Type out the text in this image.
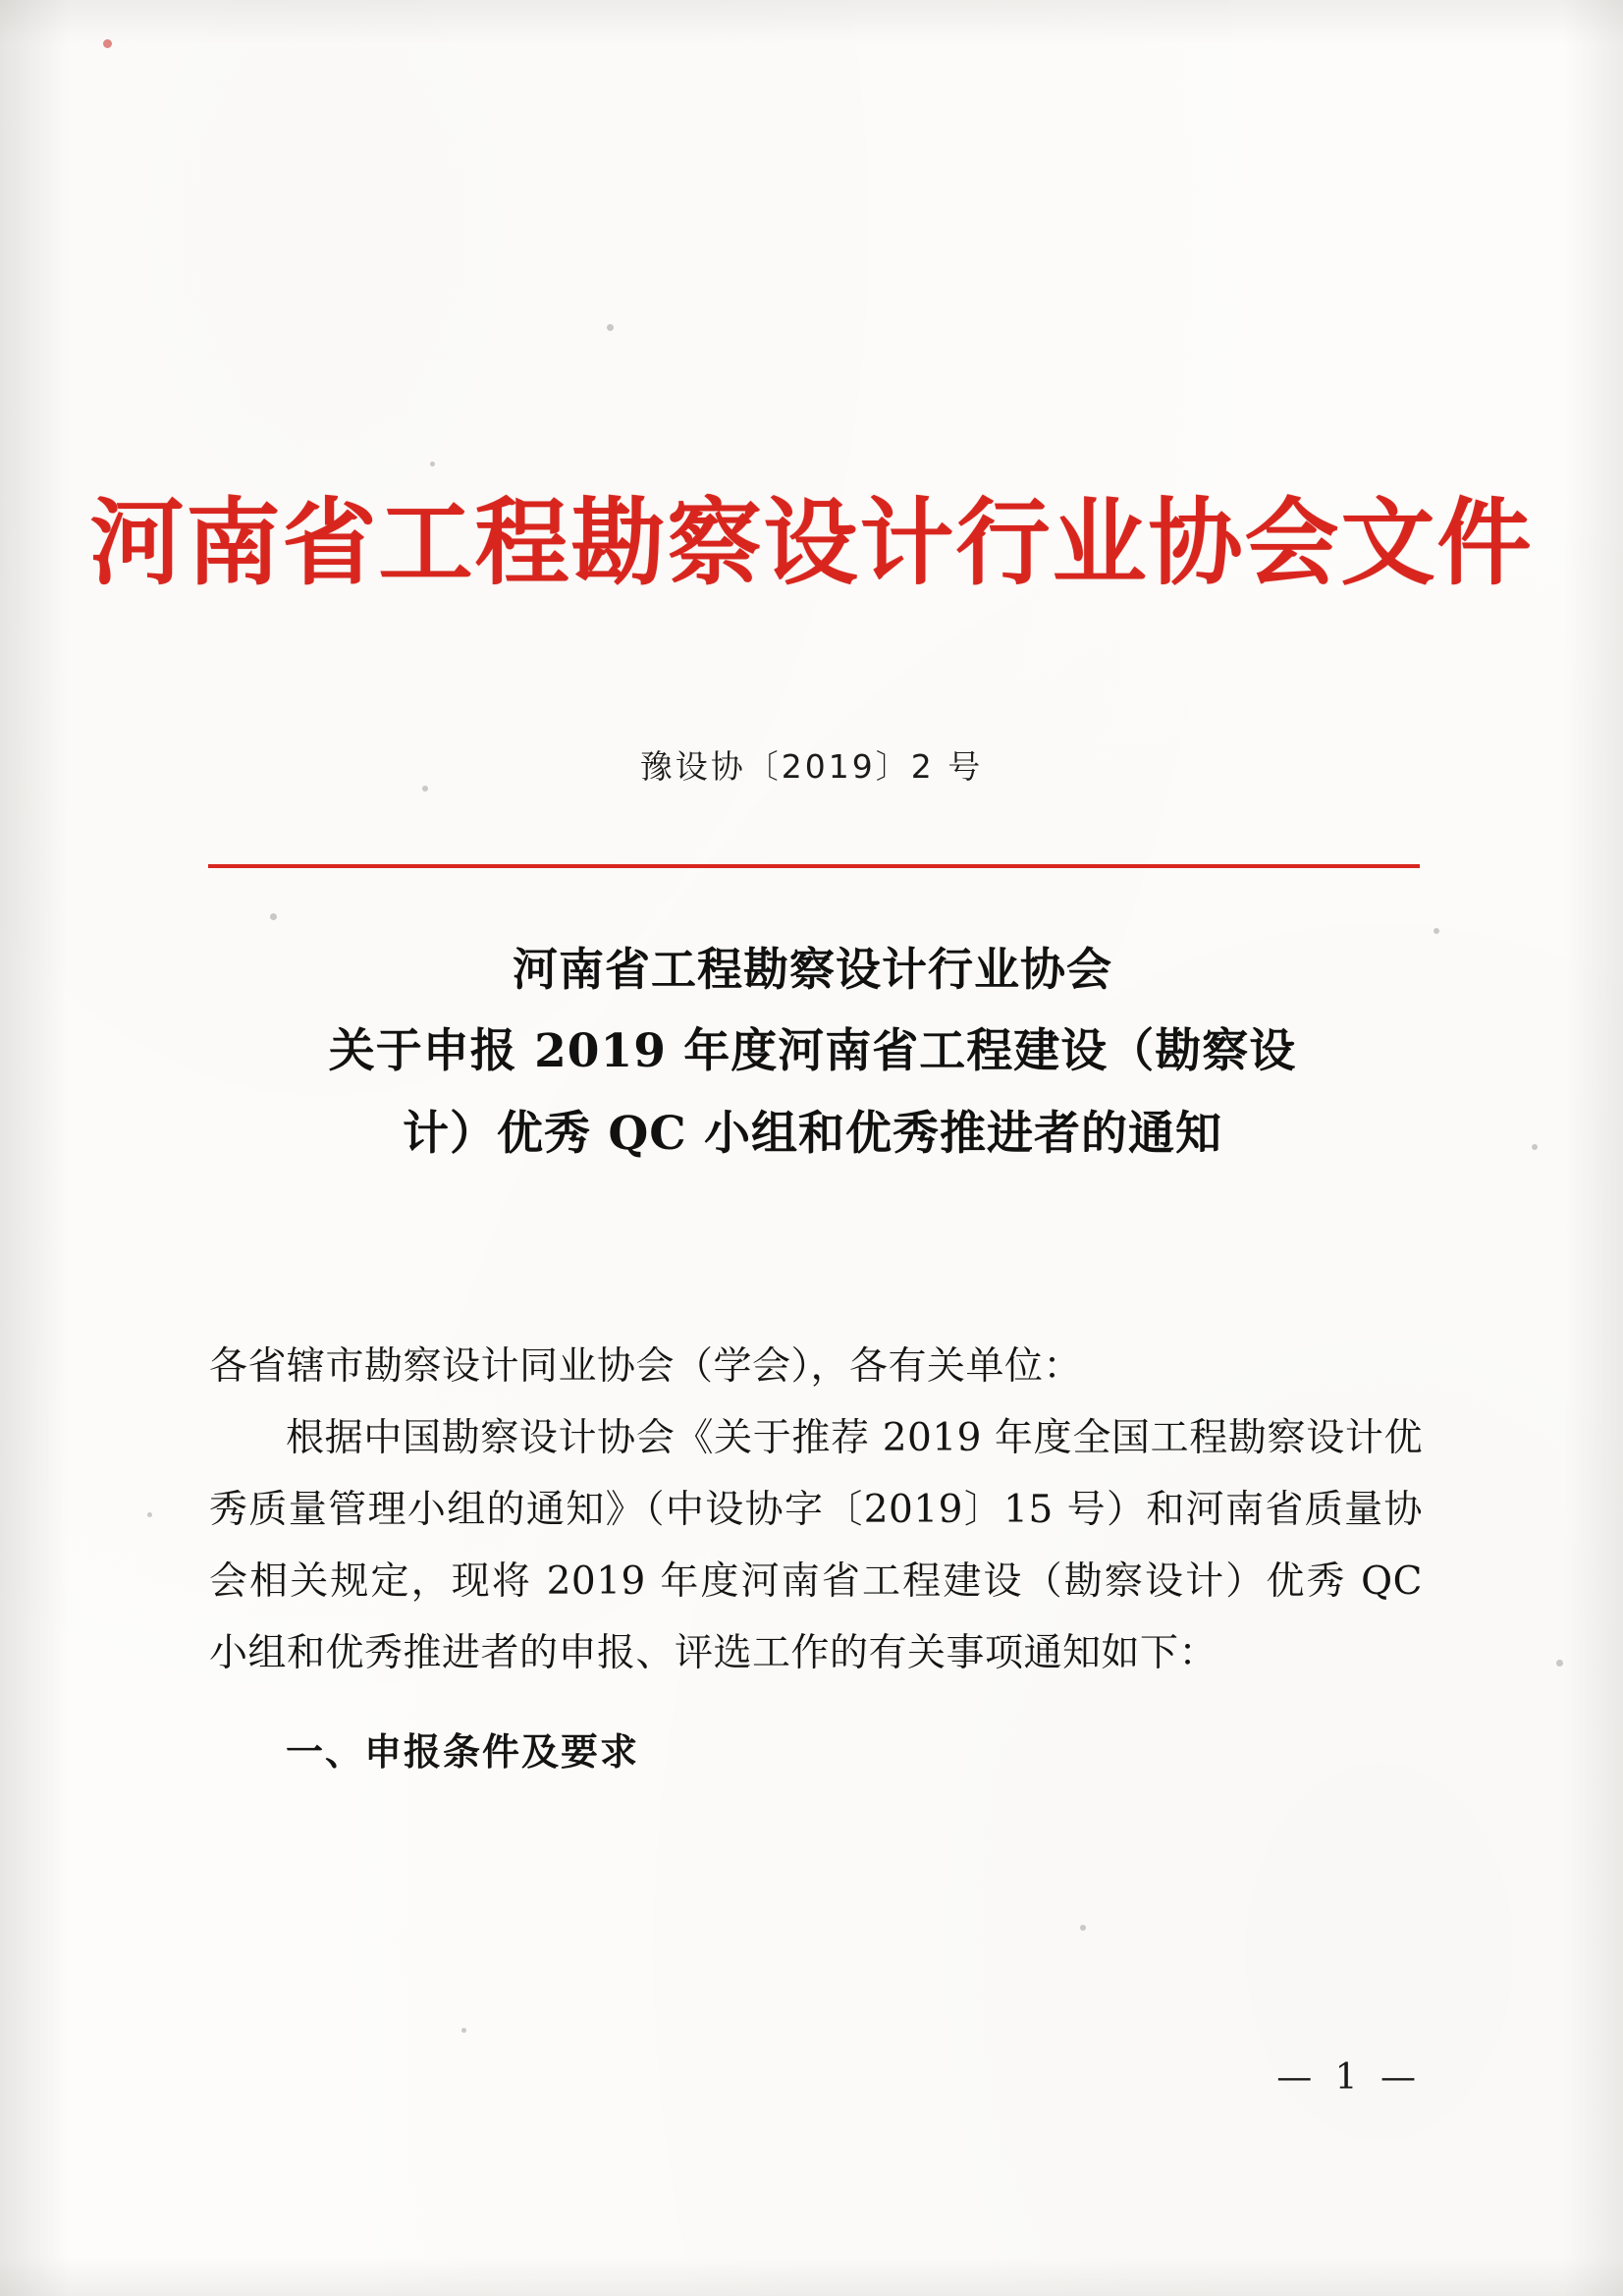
河南省工程勘察设计行业协会文件
豫设协〔2019〕2 号
河南省工程勘察设计行业协会
关于申报 2019 年度河南省工程建设（勘察设
计）优秀 QC 小组和优秀推进者的通知

各省辖市勘察设计同业协会（学会），各有关单位：

根据中国勘察设计协会《关于推荐 2019 年度全国工程勘察设计优秀质量管理小组的通知》（中设协字〔2019〕15 号）和河南省质量协会相关规定，现将 2019 年度河南省工程建设（勘察设计）优秀 QC 小组和优秀推进者的申报、评选工作的有关事项通知如下：

一、申报条件及要求

— 1 —
